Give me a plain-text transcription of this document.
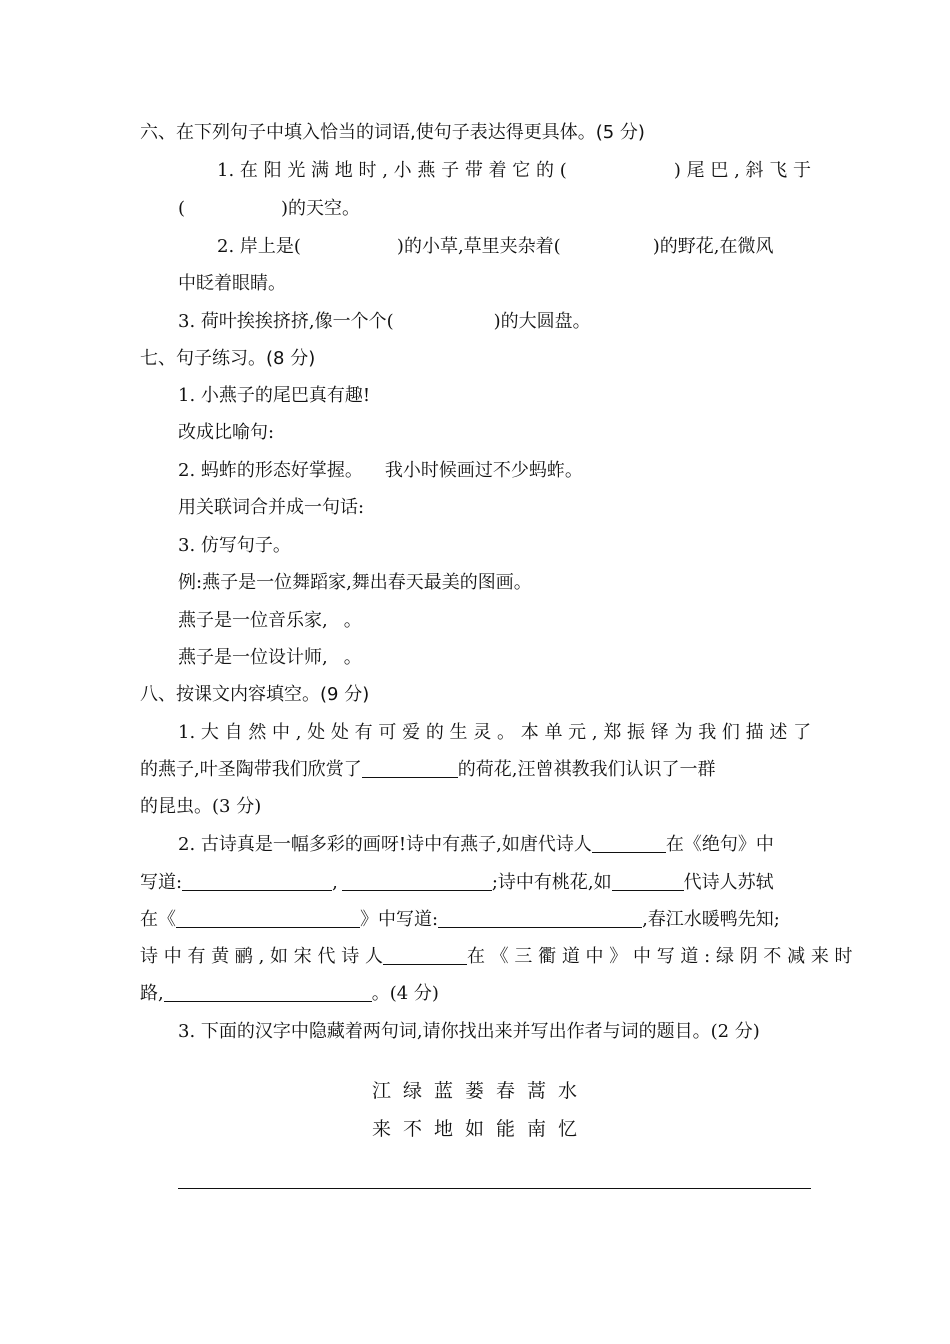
六、在下列句子中填入恰当的词语,使句子表达得更具体。(5 分)
1. 在 阳 光 满 地 时 , 小 燕 子 带 着 它 的 (	) 尾 巴 , 斜 飞 于
(	)的天空。
2. 岸上是(	)的小草,草里夹杂着(	)的野花,在微风
中眨着眼睛。
3. 荷叶挨挨挤挤,像一个个(	)的大圆盘。
七、句子练习。(8 分)
1. 小燕子的尾巴真有趣!
改成比喻句:
2. 蚂蚱的形态好掌握。 我小时候画过不少蚂蚱。
用关联词合并成一句话:
3. 仿写句子。
例:燕子是一位舞蹈家,舞出春天最美的图画。
燕子是一位音乐家, 。
燕子是一位设计师, 。
八、按课文内容填空。(9 分)
1. 大 自 然 中 , 处 处 有 可 爱 的 生 灵 。 本 单 元 , 郑 振 铎 为 我 们 描 述 了
的燕子,叶圣陶带我们欣赏了	的荷花,汪曾祺教我们认识了一群
的昆虫。(3 分)
2. 古诗真是一幅多彩的画呀!诗中有燕子,如唐代诗人	在《绝句》中
写道:	,	;诗中有桃花,如	代诗人苏轼
在《	》中写道:	,春江水暖鸭先知;
诗 中 有 黄 鹂 , 如 宋 代 诗 人	在 《 三 衢 道 中 》 中 写 道 : 绿 阴 不 减 来 时
路,	。(4 分)
3. 下面的汉字中隐藏着两句词,请你找出来并写出作者与词的题目。(2 分)
江绿蓝蒌春蒿水
来不地如能南忆
